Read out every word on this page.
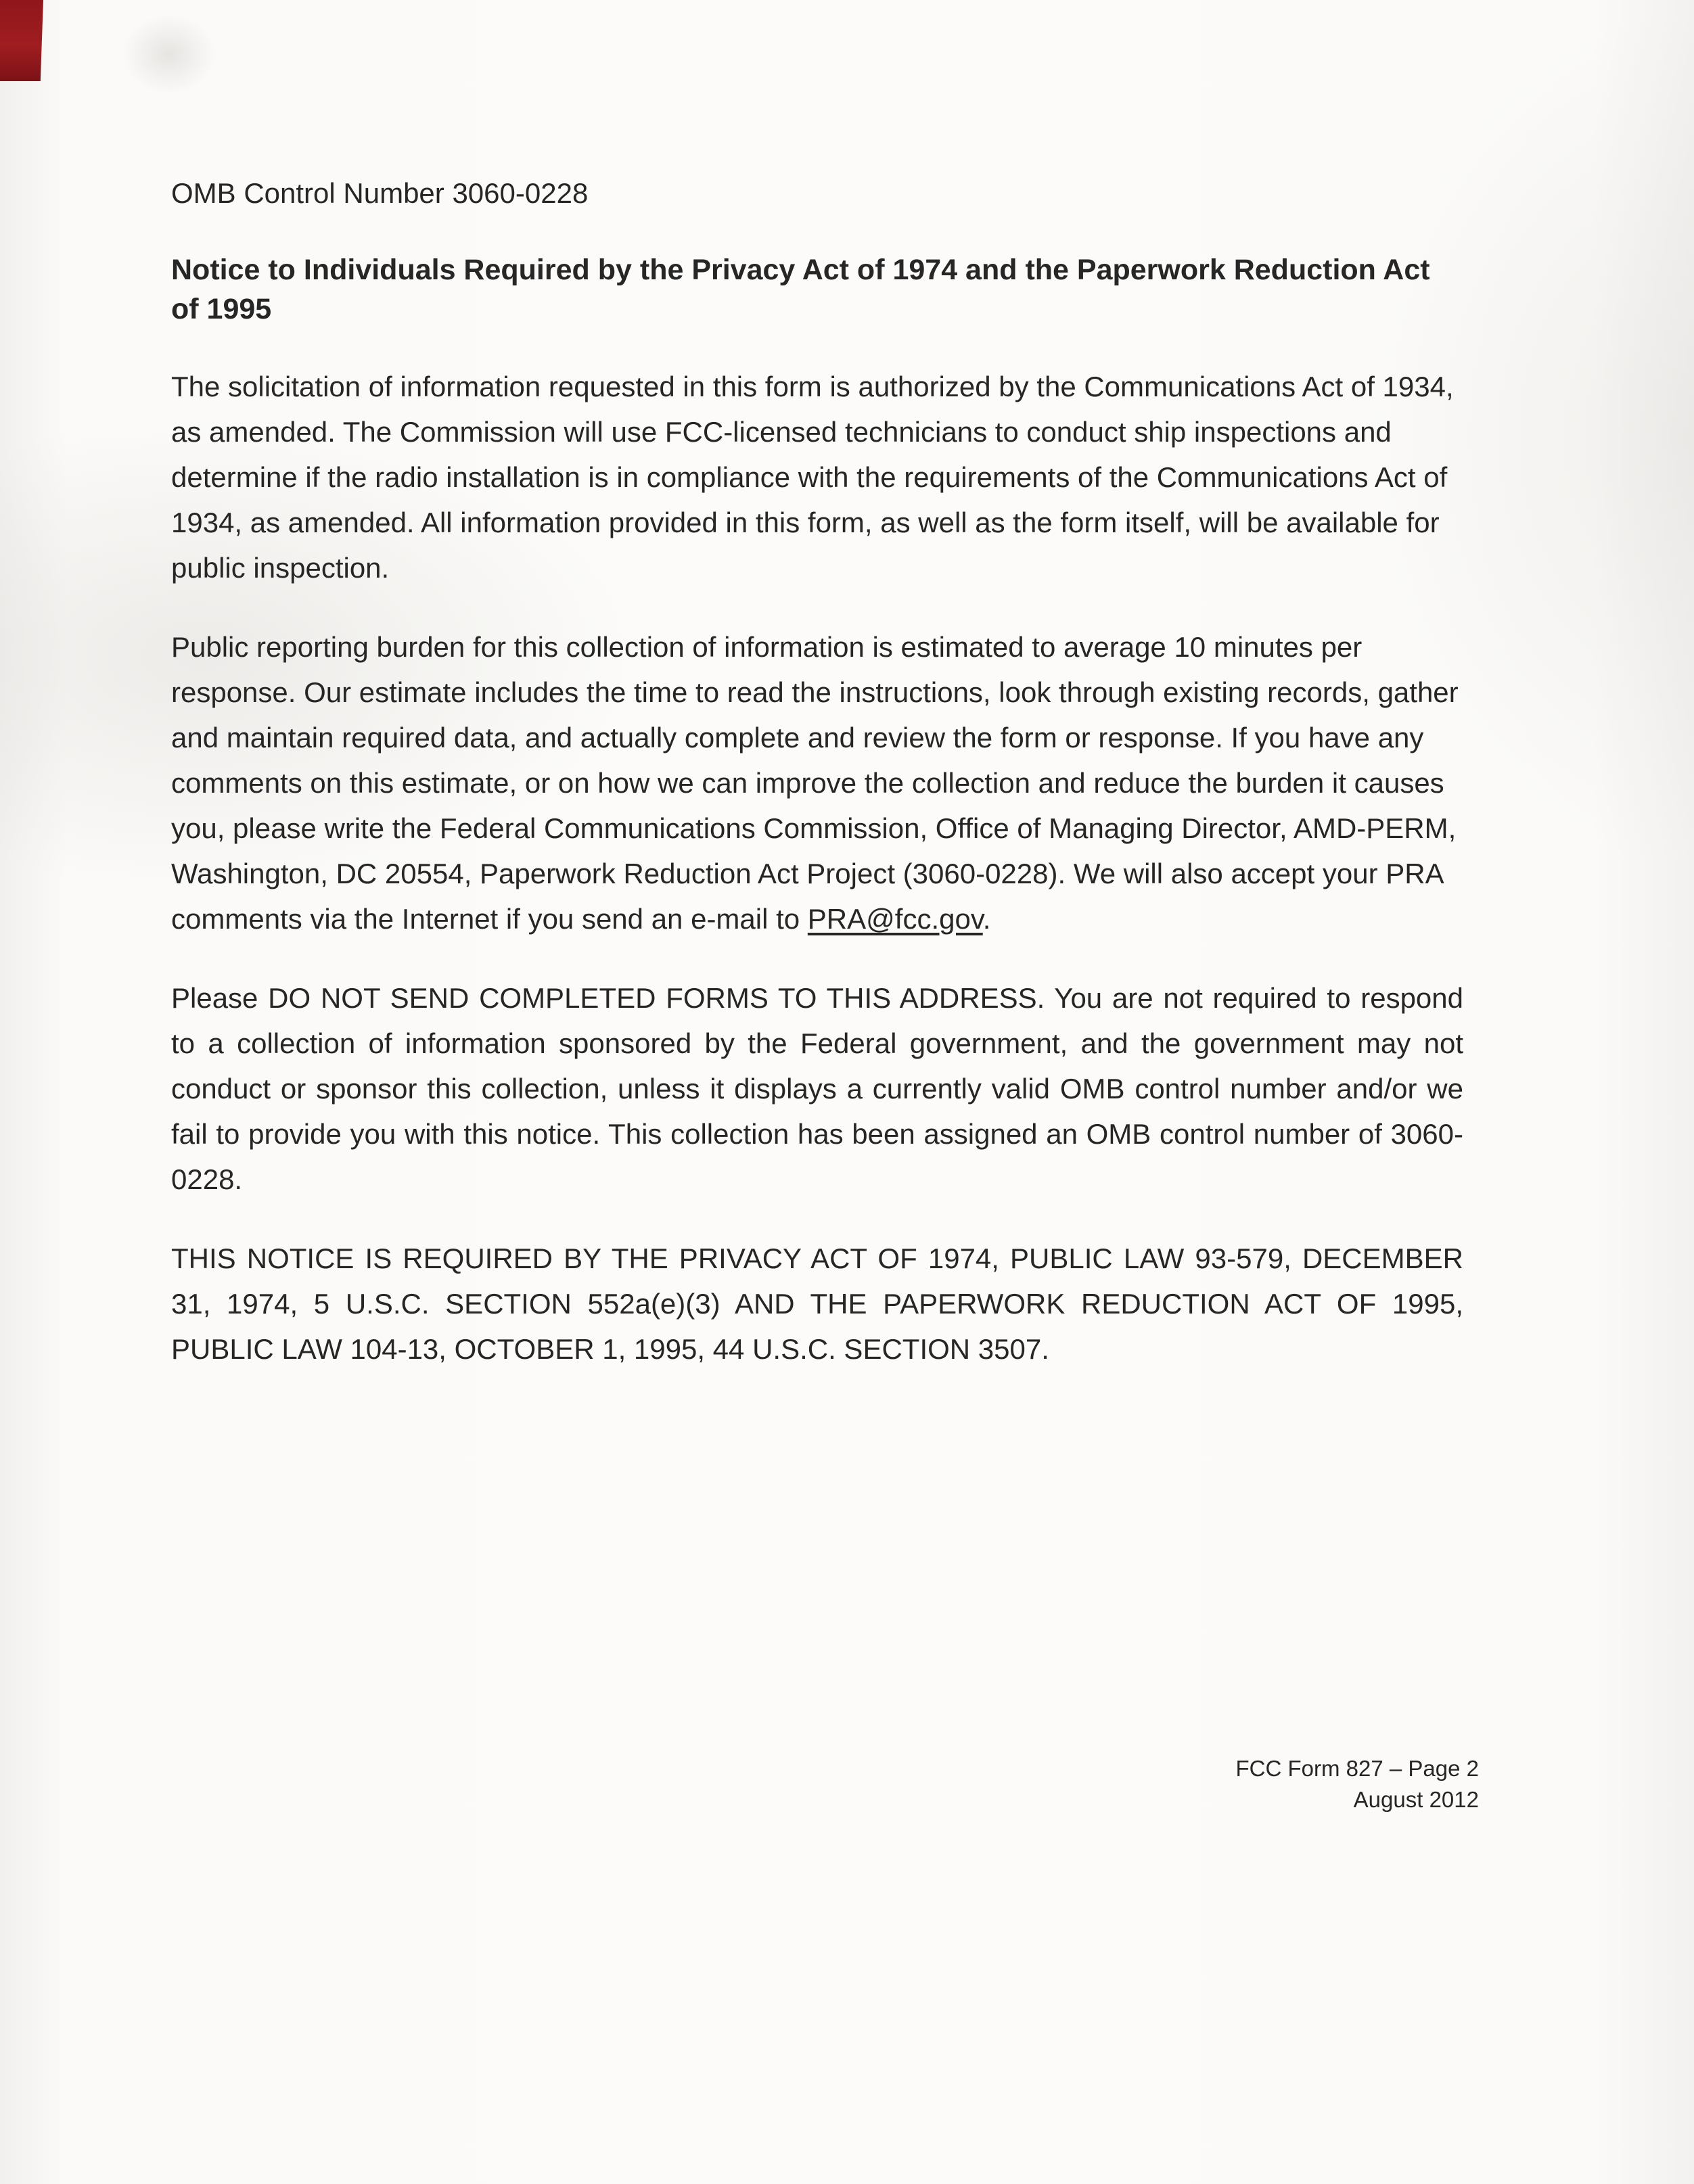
OMB Control Number 3060-0228
Notice to Individuals Required by the Privacy Act of 1974 and the Paperwork Reduction Act of 1995

The solicitation of information requested in this form is authorized by the Communications Act of 1934, as amended. The Commission will use FCC-licensed technicians to conduct ship inspections and determine if the radio installation is in compliance with the requirements of the Communications Act of 1934, as amended. All information provided in this form, as well as the form itself, will be available for public inspection.

Public reporting burden for this collection of information is estimated to average 10 minutes per response. Our estimate includes the time to read the instructions, look through existing records, gather and maintain required data, and actually complete and review the form or response. If you have any comments on this estimate, or on how we can improve the collection and reduce the burden it causes you, please write the Federal Communications Commission, Office of Managing Director, AMD-PERM, Washington, DC 20554, Paperwork Reduction Act Project (3060-0228). We will also accept your PRA comments via the Internet if you send an e-mail to PRA@fcc.gov.

Please DO NOT SEND COMPLETED FORMS TO THIS ADDRESS. You are not required to respond to a collection of information sponsored by the Federal government, and the government may not conduct or sponsor this collection, unless it displays a currently valid OMB control number and/or we fail to provide you with this notice. This collection has been assigned an OMB control number of 3060-0228.

THIS NOTICE IS REQUIRED BY THE PRIVACY ACT OF 1974, PUBLIC LAW 93-579, DECEMBER 31, 1974, 5 U.S.C. SECTION 552a(e)(3) AND THE PAPERWORK REDUCTION ACT OF 1995, PUBLIC LAW 104-13, OCTOBER 1, 1995, 44 U.S.C. SECTION 3507.

FCC Form 827 – Page 2
August 2012
